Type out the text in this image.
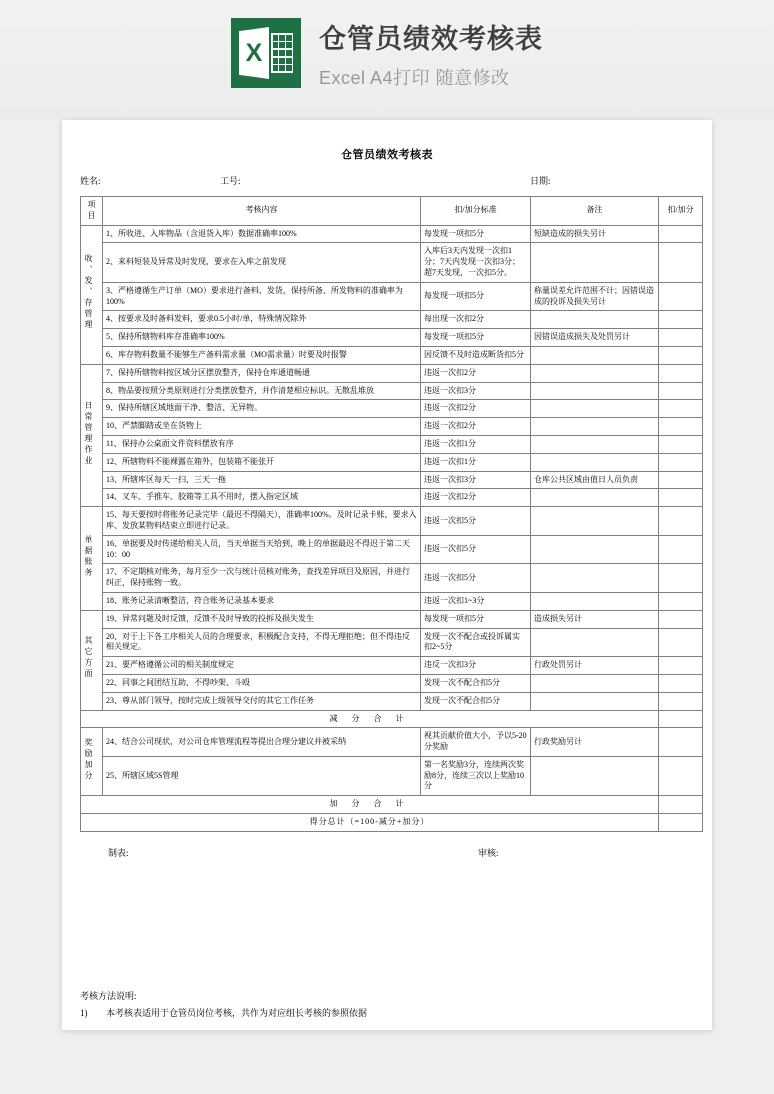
X 仓管员绩效考核表
Excel A4打印 随意修改
仓管员绩效考核表
姓名:	工号:	日期:
项目	考核内容	扣/加分标准	备注	扣/加分
收、发、存管理	1、所收进、入库物品（含退货入库）数据准确率100%	每发现一项扣5分	短缺造成的损失另计	
	2、来料短装及异常及时发现，要求在入库之前发现	入库后3天内发现一次扣1分；7天内发现一次扣3分；超7天发现，一次扣5分。		
	3、严格遵循生产订单（MO）要求进行备料、发货，保持所备、所发物料的准确率为100%	每发现一项扣5分	称量误差允许范围不计；因错误造成的投诉及损失另计	
	4、按要求及时备料发料，要求0.5小时/单，特殊情况除外	每出现一次扣2分		
	5、保持所辖物料库存准确率100%	每发现一项扣5分	因错误造成损失及处罚另计	
	6、库存物料数量不能够生产备料需求量（MO需求量）时要及时报警	因反馈不及时造成断货扣5分		
日常管理作业	7、保持所辖物料按区域分区摆放整齐，保持仓库通道畅通	违返一次扣2分		
	8、物品要按照分类原则进行分类摆放整齐，并作清楚相应标识。无散乱堆放	违返一次扣3分		
	9、保持所辖区域地面干净、整洁、无异物。	违返一次扣2分		
	10、严禁脚踏或坐在货物上	违返一次扣2分		
	11、保持办公桌面文件资料摆放有序	违返一次扣1分		
	12、所辖物料不能裸露在箱外，包装箱不能张开	违返一次扣1分		
	13、所辖库区每天一扫，三天一拖	违返一次扣3分	仓库公共区域由值日人员负责	
	14、叉车、手推车、胶箱等工具不用时，摆入指定区域	违返一次扣2分		
单据账务	15、每天要按时将账务记录完毕（最迟不得隔天），准确率100%。及时记录卡账，要求入库、发放某物料结束立即进行记录。	违返一次扣5分		
	16、单据要及时传递给相关人员，当天单据当天给到，晚上的单据最迟不得迟于第二天10：00	违返一次扣5分		
	17、不定期核对账务，每月至少一次与统计员核对账务，查找差异项目及原因，并进行纠正，保持账物一致。	违返一次扣5分		
	18、账务记录清晰整洁，符合账务记录基本要求	违返一次扣1~3分		
其它方面	19、异常问题及时反馈，反馈不及时导致的投拆及损失发生	每发现一项扣5分	造成损失另计	
	20、对于上下各工序相关人员的合理要求，积极配合支持，不得无理拒绝；但不得违反相关规定。	发现一次不配合或投诉属实扣2~5分		
	21、要严格遵循公司的相关制度规定	违反一次扣3分	行政处罚另计	
	22、同事之间团结互助，不得吵架、斗殴	发现一次不配合扣5分		
	23、尊从部门领导，按时完成上级领导交付的其它工作任务	发现一次不配合扣5分		
减 分 合 计				
奖励加分	24、结合公司现状，对公司仓库管理流程等提出合理分建议并被采纳	视其贡献价值大小，予以5-20分奖励	行政奖励另计	
	25、所辖区域5S管理	第一名奖励3分，连续两次奖励8分，连续三次以上奖励10分		
加 分 合 计				
得分总计（=100-减分+加分）				
制表:	审核:
考核方法说明:
1) 本考核表适用于仓管员岗位考核，共作为对应组长考核的参照依据
